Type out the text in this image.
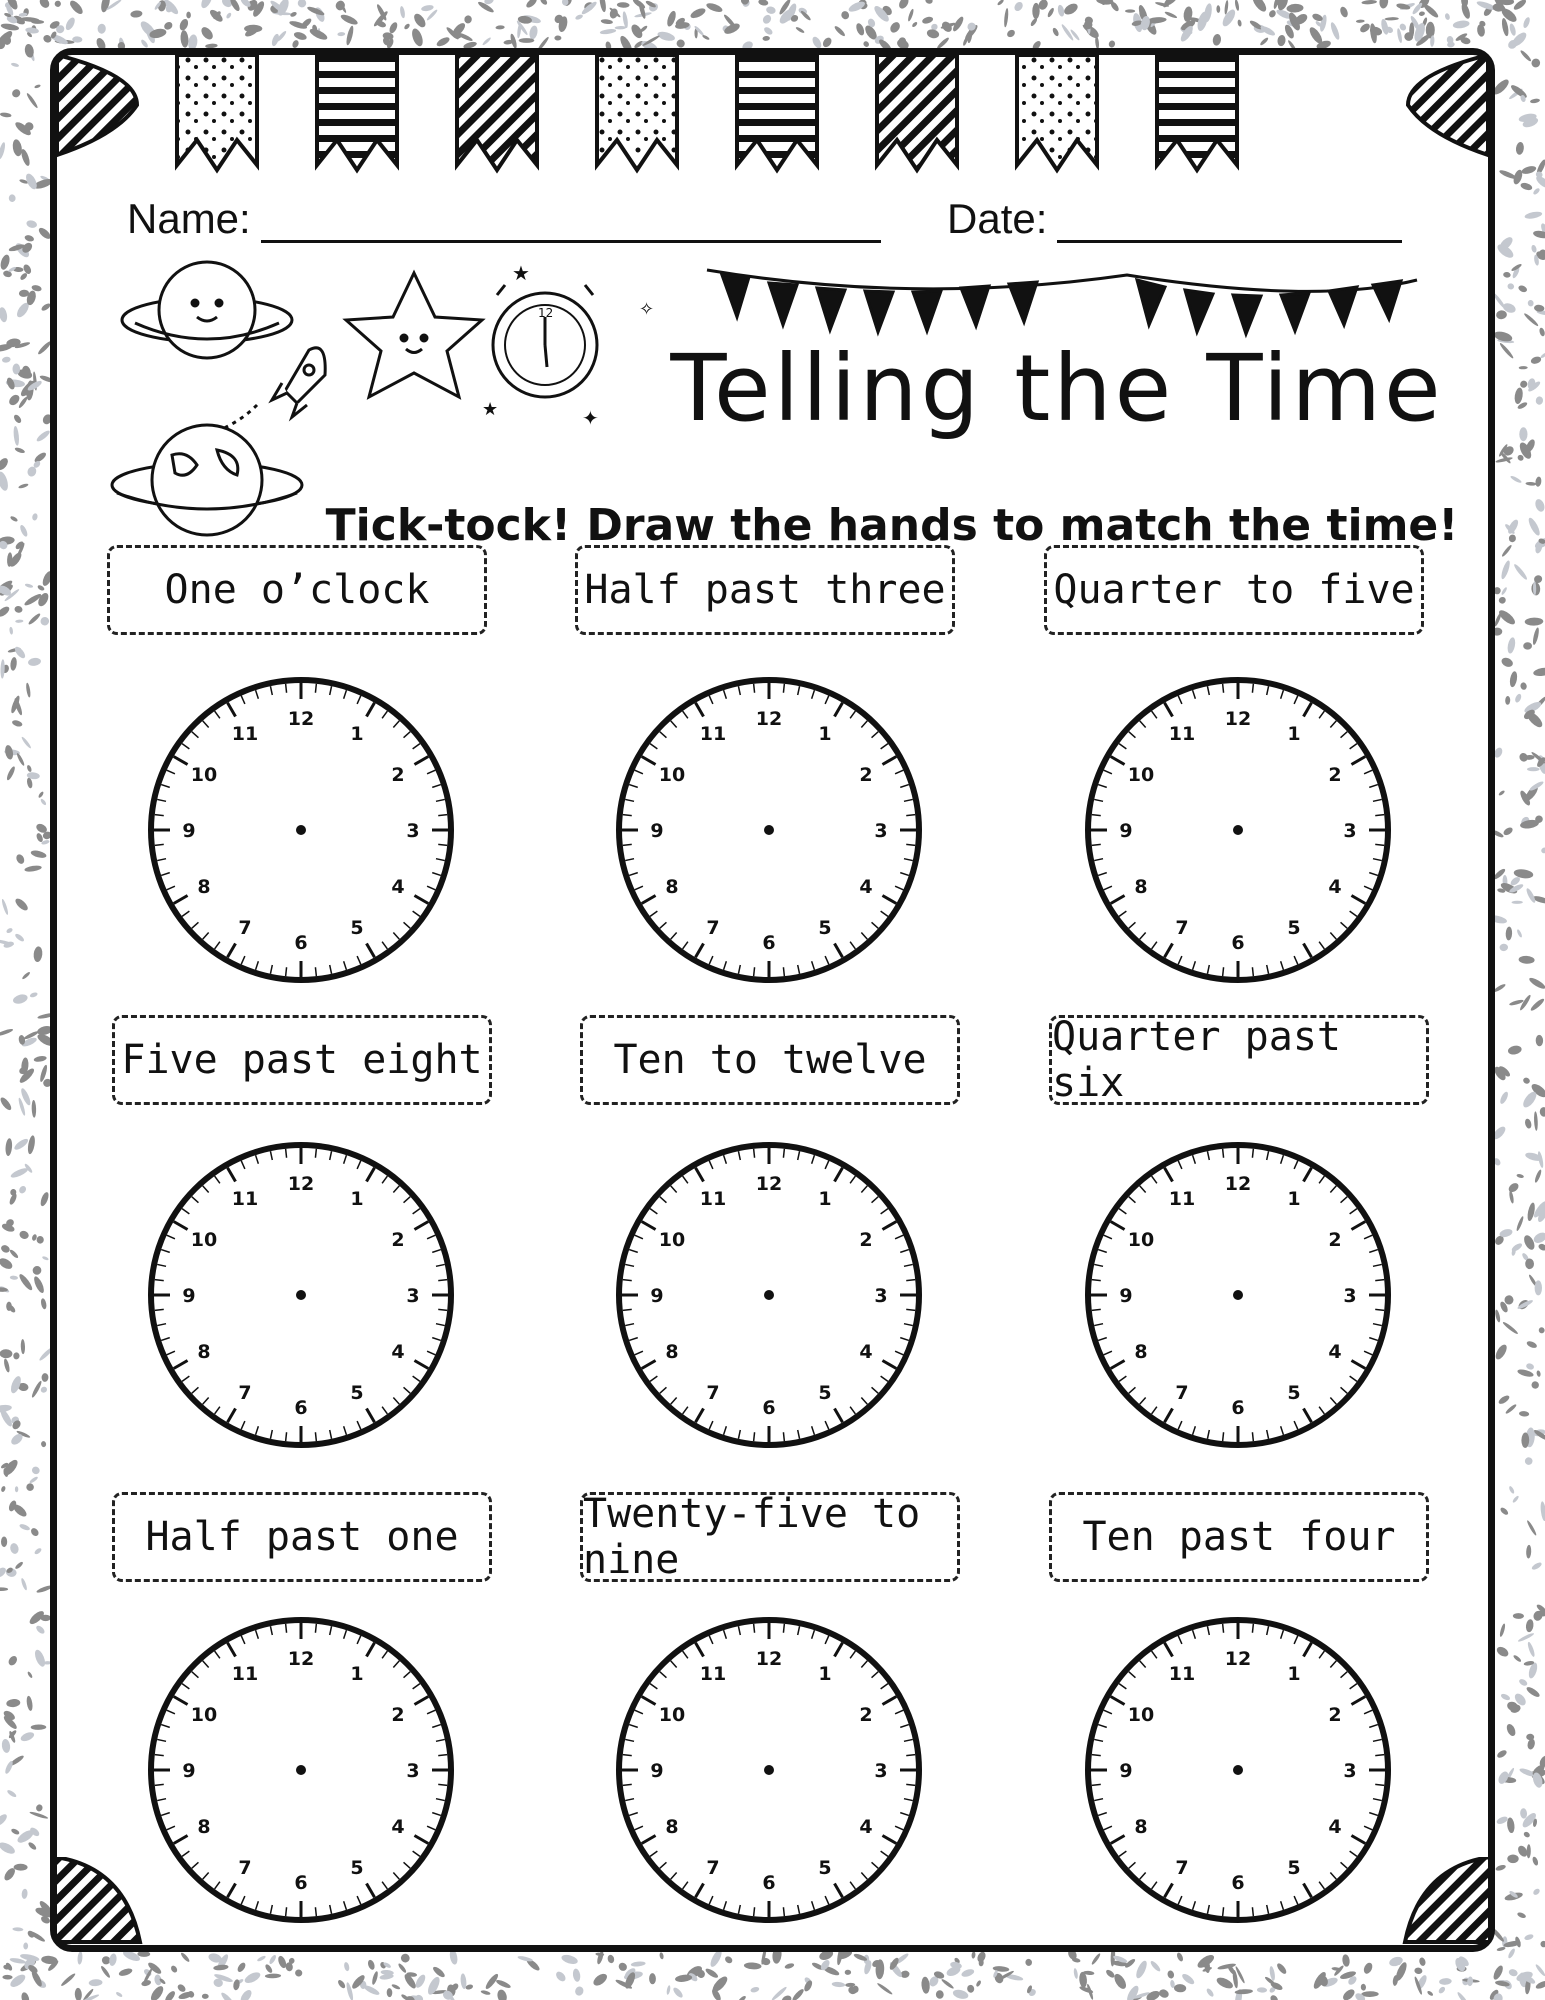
Name:	Date:
12
★
★	✦
✧
Telling the Time
Tick-tock! Draw the hands to match the time!
One o’clock
12
1
2
3
4
5
6
7
8
9
10
11
Half past three
12
1
2
3
4
5
6
7
8
9
10
11
Quarter to five
12
1
2
3
4
5
6
7
8
9
10
11
Five past eight
12
1
2
3
4
5
6
7
8
9
10
11
Ten to twelve
12
1
2
3
4
5
6
7
8
9
10
11
Quarter past six
12
1
2
3
4
5
6
7
8
9
10
11
Half past one
12
1
2
3
4
5
6
7
8
9
10
11
Twenty-five to nine
12
1
2
3
4
5
6
7
8
9
10
11
Ten past four
12
1
2
3
4
5
6
7
8
9
10
11
